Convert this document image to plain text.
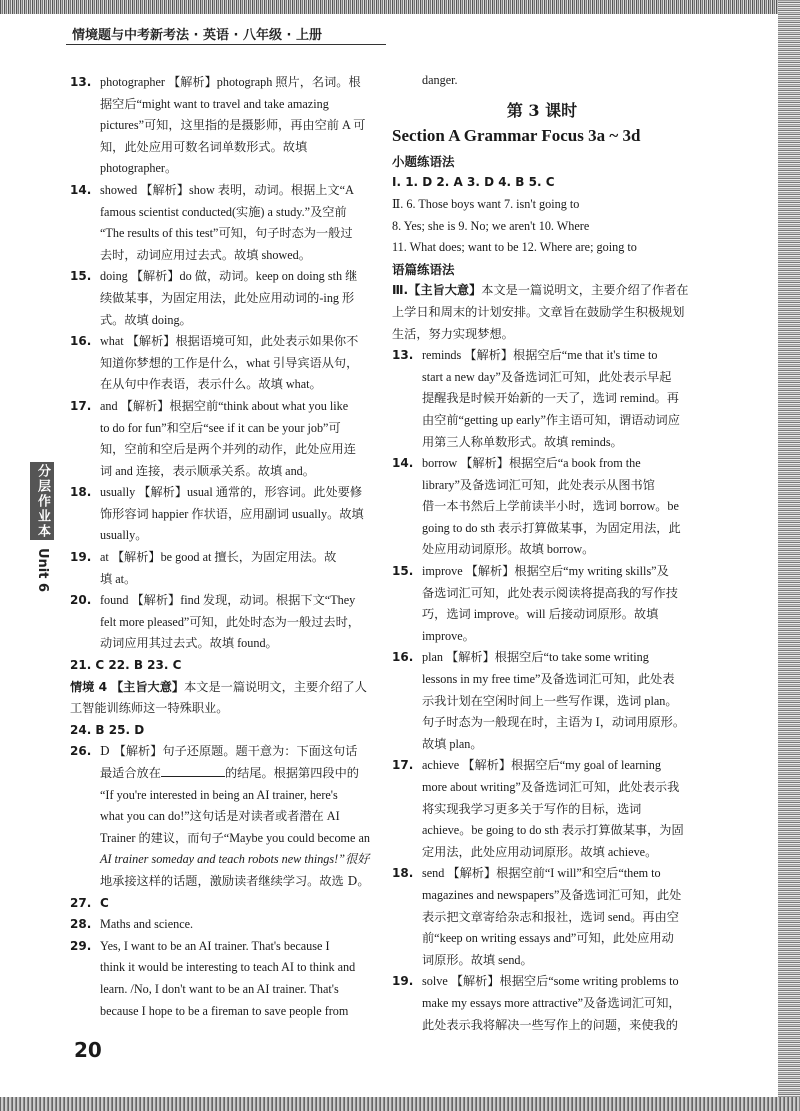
情境题与中考新考法 · 英语 · 八年级 · 上册
分层作业本
Unit 6
13. photographer 【解析】photograph 照片，名词。根

据空后“might want to travel and take amazing

pictures”可知，这里指的是摄影师，再由空前 A 可

知，此处应用可数名词单数形式。故填

photographer。

14. showed 【解析】show 表明，动词。根据上文“A

famous scientist conducted(实施) a study.”及空前

“The results of this test”可知，句子时态为一般过

去时，动词应用过去式。故填 showed。

15. doing 【解析】do 做，动词。keep on doing sth 继

续做某事，为固定用法，此处应用动词的-ing 形

式。故填 doing。

16. what 【解析】根据语境可知，此处表示如果你不

知道你梦想的工作是什么，what 引导宾语从句，

在从句中作表语，表示什么。故填 what。

17. and 【解析】根据空前“think about what you like

to do for fun”和空后“see if it can be your job”可

知，空前和空后是两个并列的动作，此处应用连

词 and 连接，表示顺承关系。故填 and。

18. usually 【解析】usual 通常的，形容词。此处要修

饰形容词 happier 作状语，应用副词 usually。故填

usually。

19. at 【解析】be good at 擅长，为固定用法。故

填 at。

20. found 【解析】find 发现，动词。根据下文“They

felt more pleased”可知，此处时态为一般过去时，

动词应用其过去式。故填 found。

21. C 22. B 23. C

情境 4 【主旨大意】本文是一篇说明文，主要介绍了人工智能训练师这一特殊职业。

24. B 25. D

26. D 【解析】句子还原题。题干意为：下面这句话

最适合放在	的结尾。根据第四段中的

“If you're interested in being an AI trainer, here's

what you can do!”这句话是对读者或者潜在 AI

Trainer 的建议，而句子“Maybe you could become an

AI trainer someday and teach robots new things!”很好

地承接这样的话题，激励读者继续学习。故选 D。

27. C

28. Maths and science.

29. Yes, I want to be an AI trainer. That's because I

think it would be interesting to teach AI to think and

learn. /No, I don't want to be an AI trainer. That's

because I hope to be a fireman to save people from

danger.

第 3 课时

Section A Grammar Focus 3a ~ 3d

小题练语法

Ⅰ. 1. D 2. A 3. D 4. B 5. C

Ⅱ. 6. Those boys want 7. isn't going to

8. Yes; she is 9. No; we aren't 10. Where

11. What does; want to be 12. Where are; going to

语篇练语法

Ⅲ.【主旨大意】本文是一篇说明文，主要介绍了作者在上学日和周末的计划安排。文章旨在鼓励学生积极规划生活，努力实现梦想。

13. reminds 【解析】根据空后“me that it's time to

start a new day”及备选词汇可知，此处表示早起

提醒我是时候开始新的一天了，选词 remind。再

由空前“getting up early”作主语可知，谓语动词应

用第三人称单数形式。故填 reminds。

14. borrow 【解析】根据空后“a book from the

library”及备选词汇可知，此处表示从图书馆

借一本书然后上学前读半小时，选词 borrow。be

going to do sth 表示打算做某事，为固定用法，此

处应用动词原形。故填 borrow。

15. improve 【解析】根据空后“my writing skills”及

备选词汇可知，此处表示阅读将提高我的写作技

巧，选词 improve。will 后接动词原形。故填

improve。

16. plan 【解析】根据空后“to take some writing

lessons in my free time”及备选词汇可知，此处表

示我计划在空闲时间上一些写作课，选词 plan。

句子时态为一般现在时，主语为 I，动词用原形。

故填 plan。

17. achieve 【解析】根据空后“my goal of learning

more about writing”及备选词汇可知，此处表示我

将实现我学习更多关于写作的目标，选词

achieve。be going to do sth 表示打算做某事，为固

定用法，此处应用动词原形。故填 achieve。

18. send 【解析】根据空前“I will”和空后“them to

magazines and newspapers”及备选词汇可知，此处

表示把文章寄给杂志和报社，选词 send。再由空

前“keep on writing essays and”可知，此处应用动

词原形。故填 send。

19. solve 【解析】根据空后“some writing problems to

make my essays more attractive”及备选词汇可知，

此处表示我将解决一些写作上的问题，来使我的

20
